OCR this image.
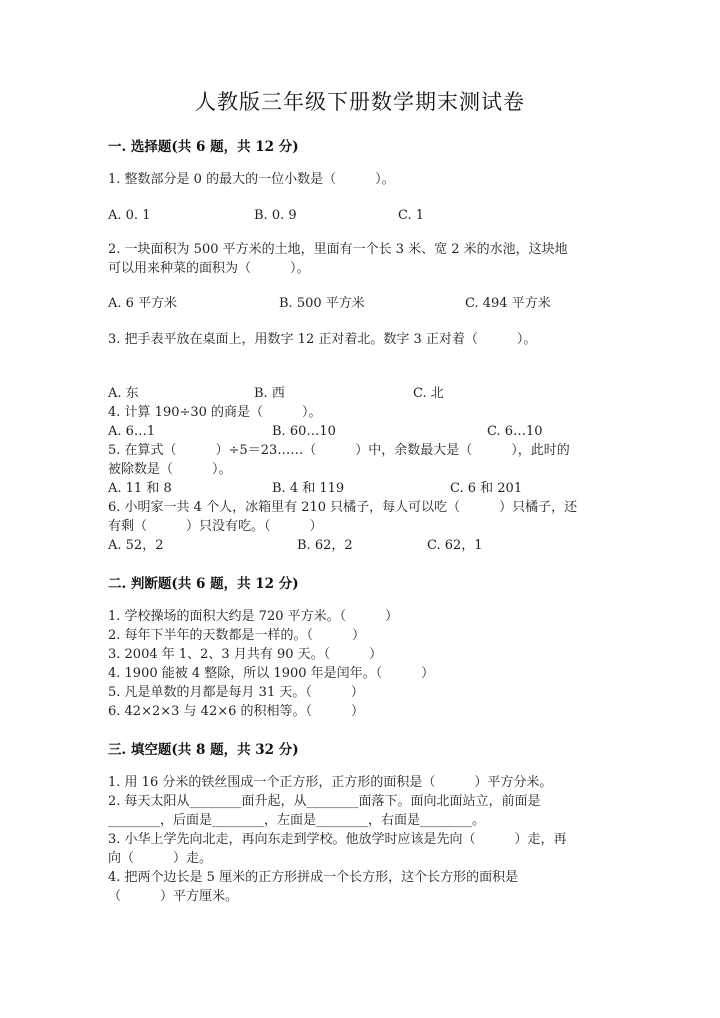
人教版三年级下册数学期末测试卷
一. 选择题(共 6 题，共 12 分)
1. 整数部分是 0 的最大的一位小数是（　　　）。
A. 0. 1	B. 0. 9	C. 1
2. 一块面积为 500 平方米的土地，里面有一个长 3 米、宽 2 米的水池，这块地
可以用来种菜的面积为（　　　）。
A. 6 平方米	B. 500 平方米	C. 494 平方米
3. 把手表平放在桌面上，用数字 12 正对着北。数字 3 正对着（　　　）。
A. 东	B. 西	C. 北
4. 计算 190÷30 的商是（　　　）。
A. 6…1	B. 60…10	C. 6…10
5. 在算式（　　　）÷5＝23……（　　　）中，余数最大是（　　　），此时的
被除数是（　　　）。
A. 11 和 8	B. 4 和 119	C. 6 和 201
6. 小明家一共 4 个人，冰箱里有 210 只橘子，每人可以吃（　　　）只橘子，还
有剩（　　　）只没有吃。（　　　）
A. 52，2	B. 62，2	C. 62，1
二. 判断题(共 6 题，共 12 分)
1. 学校操场的面积大约是 720 平方米。（　　　）
2. 每年下半年的天数都是一样的。（　　　）
3. 2004 年 1、2、3 月共有 90 天。（　　　）
4. 1900 能被 4 整除，所以 1900 年是闰年。（　　　）
5. 凡是单数的月都是每月 31 天。（　　　）
6. 42×2×3 与 42×6 的积相等。（　　　）
三. 填空题(共 8 题，共 32 分)
1. 用 16 分米的铁丝围成一个正方形，正方形的面积是（　　　）平方分米。
2. 每天太阳从________面升起，从________面落下。面向北面站立，前面是
________，后面是________，左面是________，右面是________。
3. 小华上学先向北走，再向东走到学校。他放学时应该是先向（　　　）走，再
向（　　　）走。
4. 把两个边长是 5 厘米的正方形拼成一个长方形，这个长方形的面积是
（　　　）平方厘米。
